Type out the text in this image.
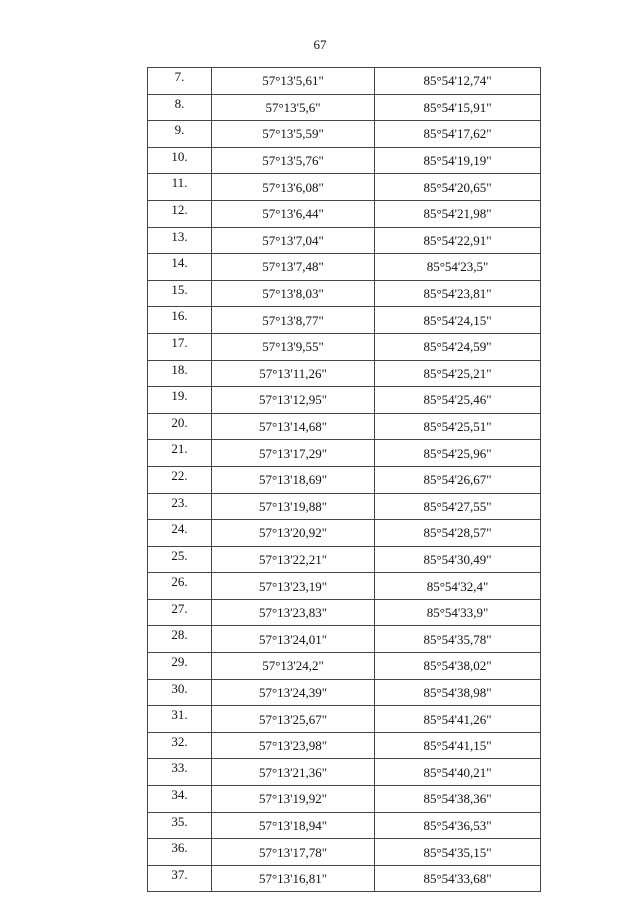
67
7.	57°13'5,61"	85°54'12,74"
8.	57°13'5,6"	85°54'15,91"
9.	57°13'5,59"	85°54'17,62"
10.	57°13'5,76"	85°54'19,19"
11.	57°13'6,08"	85°54'20,65"
12.	57°13'6,44"	85°54'21,98"
13.	57°13'7,04"	85°54'22,91"
14.	57°13'7,48"	85°54'23,5"
15.	57°13'8,03"	85°54'23,81"
16.	57°13'8,77"	85°54'24,15"
17.	57°13'9,55"	85°54'24,59"
18.	57°13'11,26"	85°54'25,21"
19.	57°13'12,95"	85°54'25,46"
20.	57°13'14,68"	85°54'25,51"
21.	57°13'17,29"	85°54'25,96"
22.	57°13'18,69"	85°54'26,67"
23.	57°13'19,88"	85°54'27,55"
24.	57°13'20,92"	85°54'28,57"
25.	57°13'22,21"	85°54'30,49"
26.	57°13'23,19"	85°54'32,4"
27.	57°13'23,83"	85°54'33,9"
28.	57°13'24,01"	85°54'35,78"
29.	57°13'24,2"	85°54'38,02"
30.	57°13'24,39"	85°54'38,98"
31.	57°13'25,67"	85°54'41,26"
32.	57°13'23,98"	85°54'41,15"
33.	57°13'21,36"	85°54'40,21"
34.	57°13'19,92"	85°54'38,36"
35.	57°13'18,94"	85°54'36,53"
36.	57°13'17,78"	85°54'35,15"
37.	57°13'16,81"	85°54'33,68"
